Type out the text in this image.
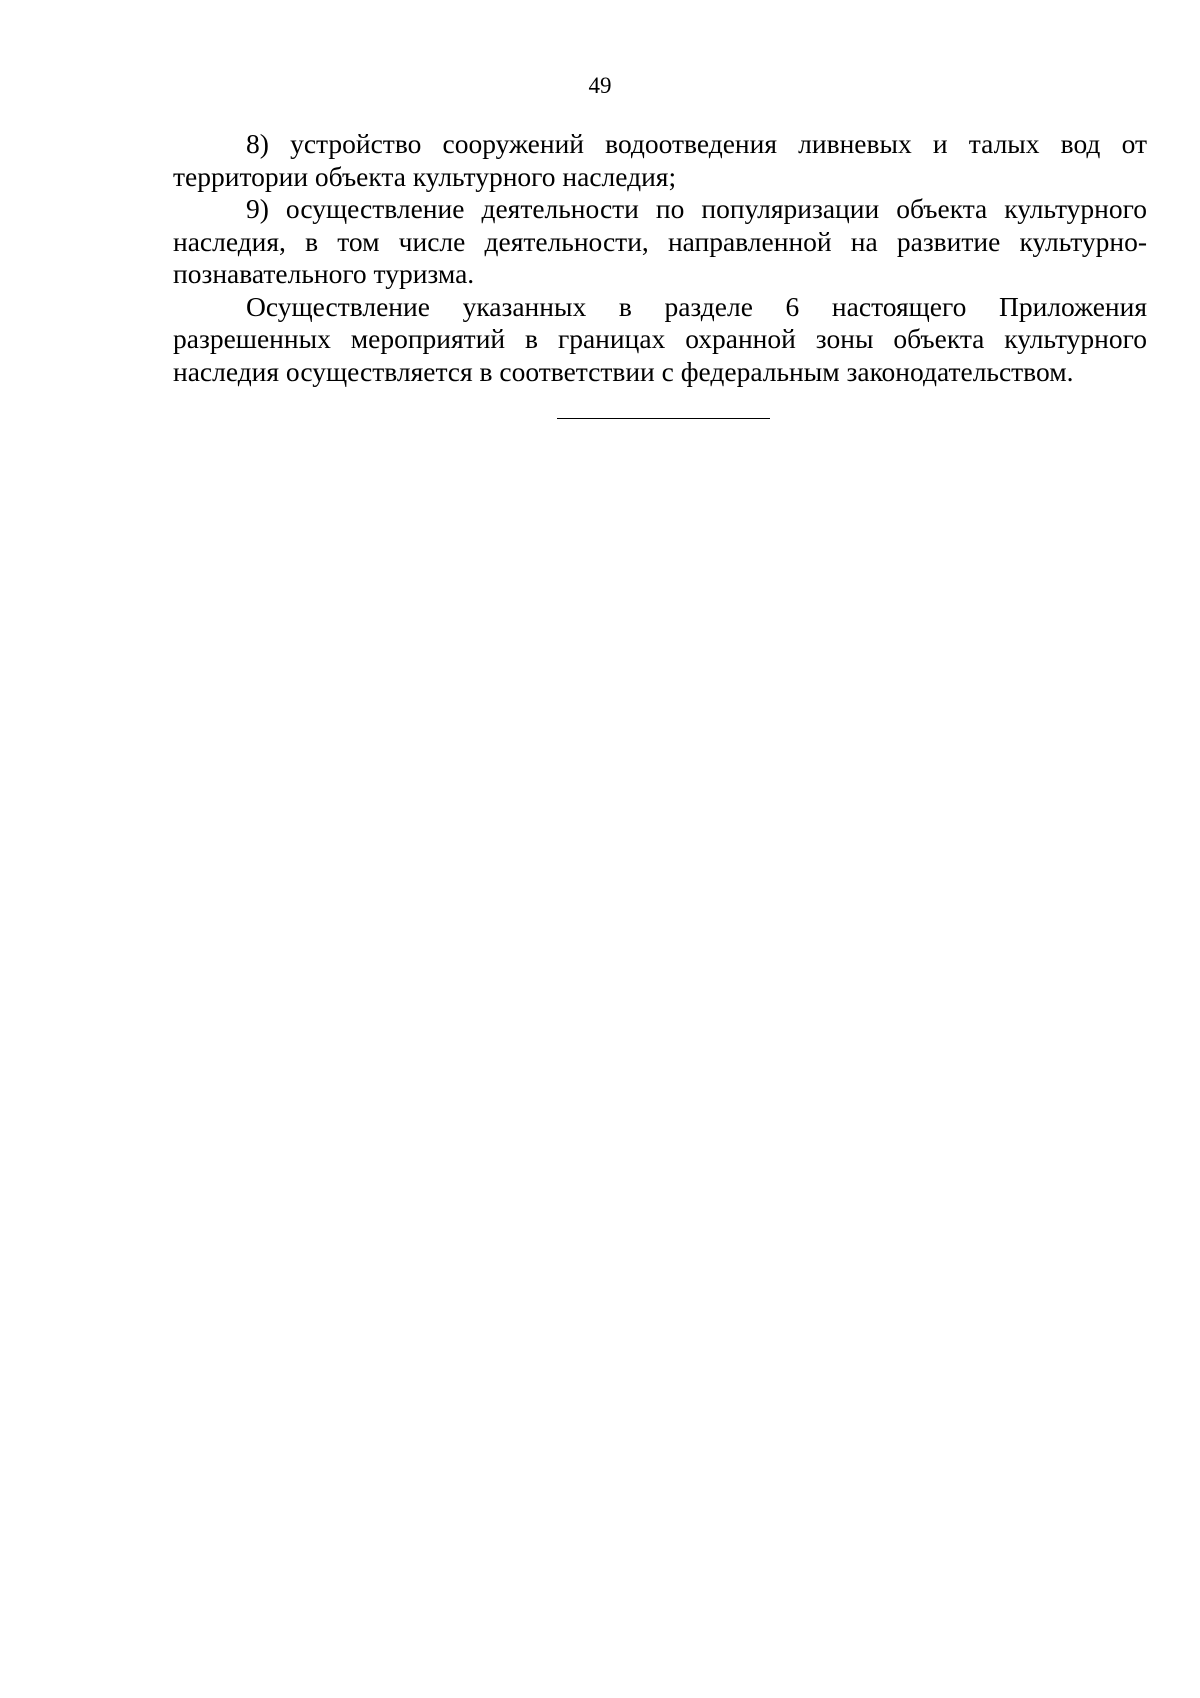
49

8) устройство сооружений водоотведения ливневых и талых вод от территории объекта культурного наследия;

9) осуществление деятельности по популяризации объекта культурного наследия, в том числе деятельности, направленной на развитие культурно-познавательного туризма.

Осуществление указанных в разделе 6 настоящего Приложения разрешенных мероприятий в границах охранной зоны объекта культурного наследия осуществляется в соответствии с федеральным законодательством.
